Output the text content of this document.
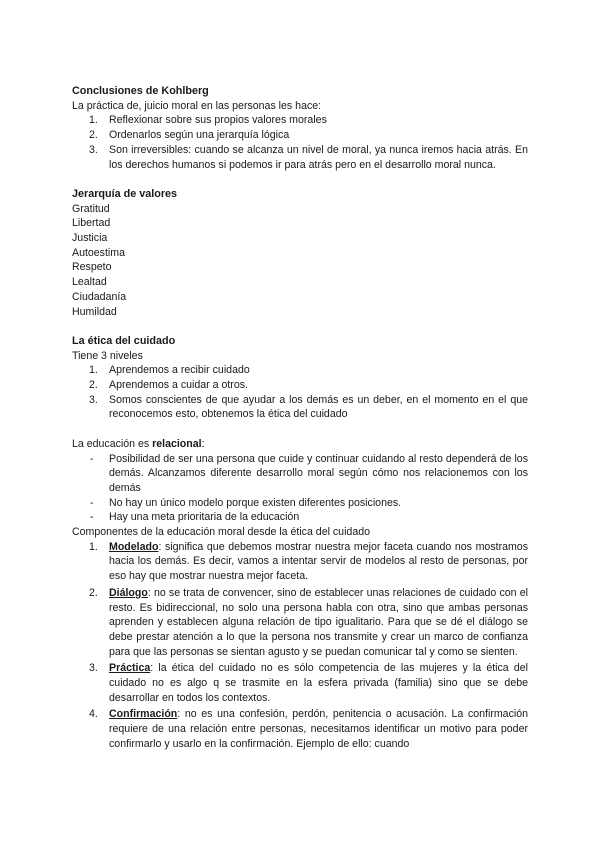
Conclusiones de Kohlberg

La práctica de, juicio moral en las personas les hace:

1. Reflexionar sobre sus propios valores morales
2. Ordenarlos según una jerarquía lógica
3. Son irreversibles: cuando se alcanza un nivel de moral, ya nunca iremos hacia atrás. En los derechos humanos si podemos ir para atrás pero en el desarrollo moral nunca.
Jerarquía de valores

Gratitud

Libertad

Justicia

Autoestima

Respeto

Lealtad

Ciudadanía

Humildad

La ética del cuidado

Tiene 3 niveles

1. Aprendemos a recibir cuidado
2. Aprendemos a cuidar a otros.
3. Somos conscientes de que ayudar a los demás es un deber, en el momento en el que reconocemos esto, obtenemos la ética del cuidado

La educación es relacional:

- Posibilidad de ser una persona que cuide y continuar cuidando al resto dependerá de los demás. Alcanzamos diferente desarrollo moral según cómo nos relacionemos con los demás
- No hay un único modelo porque existen diferentes posiciones.
- Hay una meta prioritaria de la educación

Componentes de la educación moral desde la ética del cuidado

1. Modelado: significa que debemos mostrar nuestra mejor faceta cuando nos mostramos hacia los demás. Es decir, vamos a intentar servir de modelos al resto de personas, por eso hay que mostrar nuestra mejor faceta.
2. Diálogo: no se trata de convencer, sino de establecer unas relaciones de cuidado con el resto. Es bidireccional, no solo una persona habla con otra, sino que ambas personas aprenden y establecen alguna relación de tipo igualitario. Para que se dé el diálogo se debe prestar atención a lo que la persona nos transmite y crear un marco de confianza para que las personas se sientan agusto y se puedan comunicar tal y como se sienten.
3. Práctica: la ética del cuidado no es sólo competencia de las mujeres y la ética del cuidado no es algo q se trasmite en la esfera privada (familia) sino que se debe desarrollar en todos los contextos.
4. Confirmación: no es una confesión, perdón, penitencia o acusación. La confirmación requiere de una relación entre personas, necesitamos identificar un motivo para poder confirmarlo y usarlo en la confirmación. Ejemplo de ello: cuando
